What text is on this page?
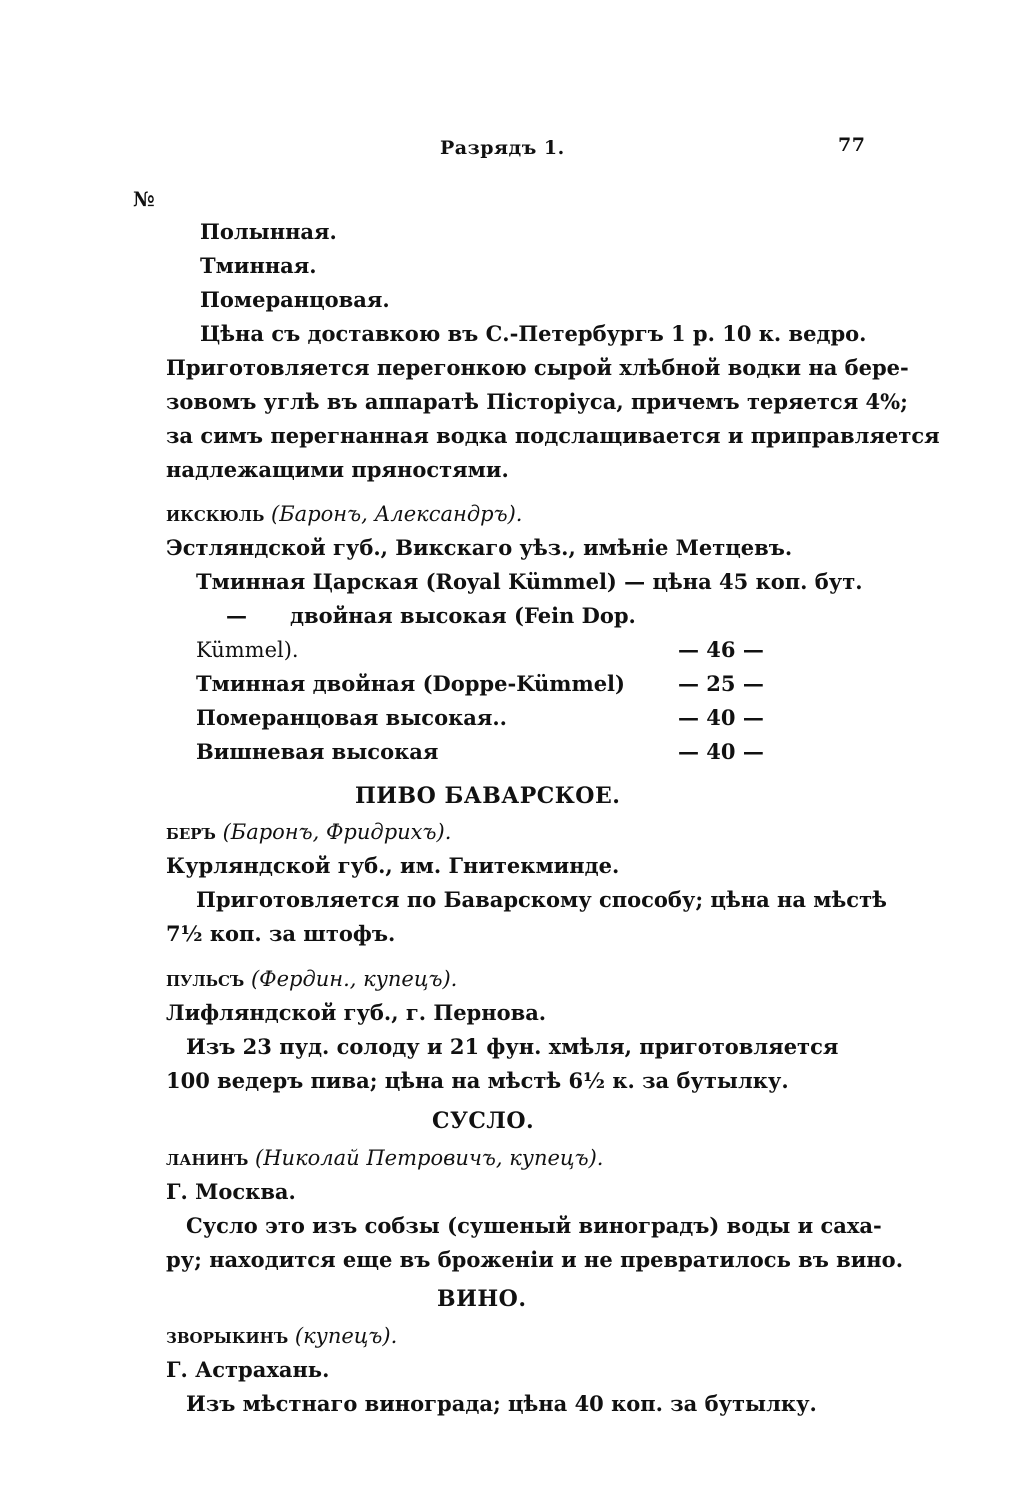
Разрядъ 1.	77
№
Полынная.
Тминная.
Померанцовая.
Цѣна съ доставкою въ С.-Петербургъ 1 р. 10 к. ведро.
Приготовляется перегонкою сырой хлѣбной водки на бере-
зовомъ углѣ въ аппаратѣ Пісторіуса, причемъ теряется 4%;
за симъ перегнанная водка подслащивается и приправляется
надлежащими пряностями.
икскюль (Баронъ, Александръ).
Эстляндской губ., Викскаго уѣз., имѣніе Метцевъ.
Тминная Царская (Royal Kümmel) — цѣна 45 коп. бут.
— двойная высокая (Fein Dop.
Kümmel).	— 46 —
Тминная двойная (Doppe-Kümmel)	— 25 —
Померанцовая высокая..	— 40 —
Вишневая высокая	— 40 —
ПИВО БАВАРСКОЕ.
беръ (Баронъ, Фридрихъ).
Курляндской губ., им. Гнитекминде.
Приготовляется по Баварскому способу; цѣна на мѣстѣ
7½ коп. за штофъ.
пульсъ (Фердин., купецъ).
Лифляндской губ., г. Пернова.
Изъ 23 пуд. солоду и 21 фун. хмѣля, приготовляется
100 ведеръ пива; цѣна на мѣстѣ 6½ к. за бутылку.
СУСЛО.
ланинъ (Николай Петровичъ, купецъ).
Г. Москва.
Сусло это изъ собзы (сушеный виноградъ) воды и саха-
ру; находится еще въ броженіи и не превратилось въ вино.
ВИНО.
зворыкинъ (купецъ).
Г. Астрахань.
Изъ мѣстнаго винограда; цѣна 40 коп. за бутылку.
